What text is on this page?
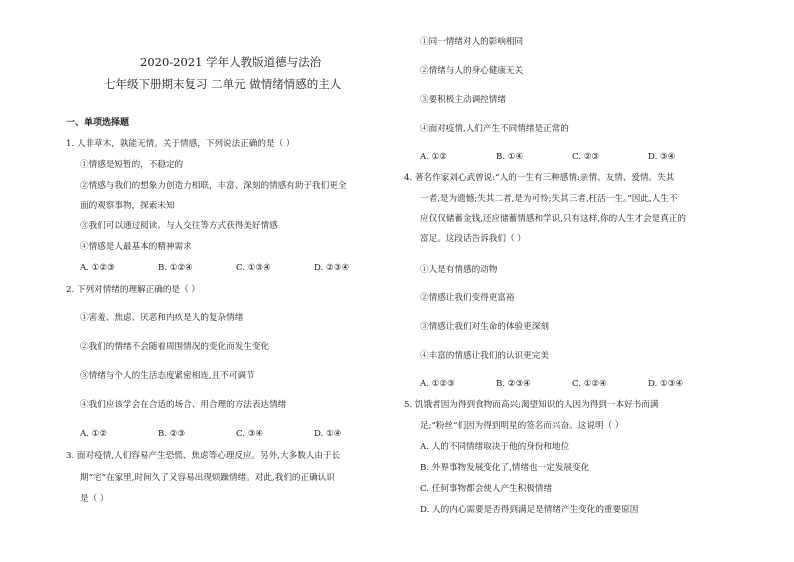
2020-2021 学年人教版道德与法治
七年级下册期末复习 二单元 做情绪情感的主人
一、单项选择题
1. 人非草木，孰能无情。关于情感，下列说法正确的是（ ）
①情感是短暂的，不稳定的
②情感与我们的想象力创造力相联，丰富、深刻的情感有助于我们更全
面的观察事物，探索未知
③我们可以通过阅读、与人交往等方式获得美好情感
④情感是人最基本的精神需求
A. ①②③	B. ①②④	C. ①③④	D. ②③④
2. 下列对情绪的理解正确的是（ ）
①害羞、焦虑、厌恶和内疚是人的复杂情绪
②我们的情绪不会随着周围情况的变化而发生变化
③情绪与个人的生活态度紧密相连,且不可调节
④我们应该学会在合适的场合、用合理的方法表达情绪
A. ①②	B. ②③	C. ③④	D. ①④
3. 面对疫情,人们容易产生恐慌、焦虑等心理反应。另外,大多数人由于长
期“宅”在家里,时间久了又容易出现烦躁情绪。对此,我们的正确认识
是（ ）
①同一情绪对人的影响相同
②情绪与人的身心健康无关
③要积极主动调控情绪
④面对疫情,人们产生不同情绪是正常的
A. ①②	B. ①④	C. ②③	D. ③④
4. 著名作家刘心武曾说:“人的一生有三种感情:亲情、友情、爱情。失其
一者,是为遗憾;失其二者,是为可怜;失其三者,枉活一生。”因此,人生不
应仅仅储蓄金钱,还应储蓄情感和学识,只有这样,你的人生才会是真正的
富足。这段话告诉我们（ ）
①人是有情感的动物
②情感让我们变得更富裕
③情感让我们对生命的体验更深刻
④丰富的情感让我们的认识更完美
A. ①②③	B. ②③④	C. ①②④	D. ①③④
5. 饥饿者因为得到食物而高兴;渴望知识的人因为得到一本好书而满
足;“粉丝”们因为得到明星的签名而兴奋。这说明（ ）
A. 人的不同情绪取决于他的身份和地位
B. 外界事物发展变化了,情绪也一定发展变化
C. 任何事物都会使人产生积极情绪
D. 人的内心需要是否得到满足是情绪产生变化的重要原因
